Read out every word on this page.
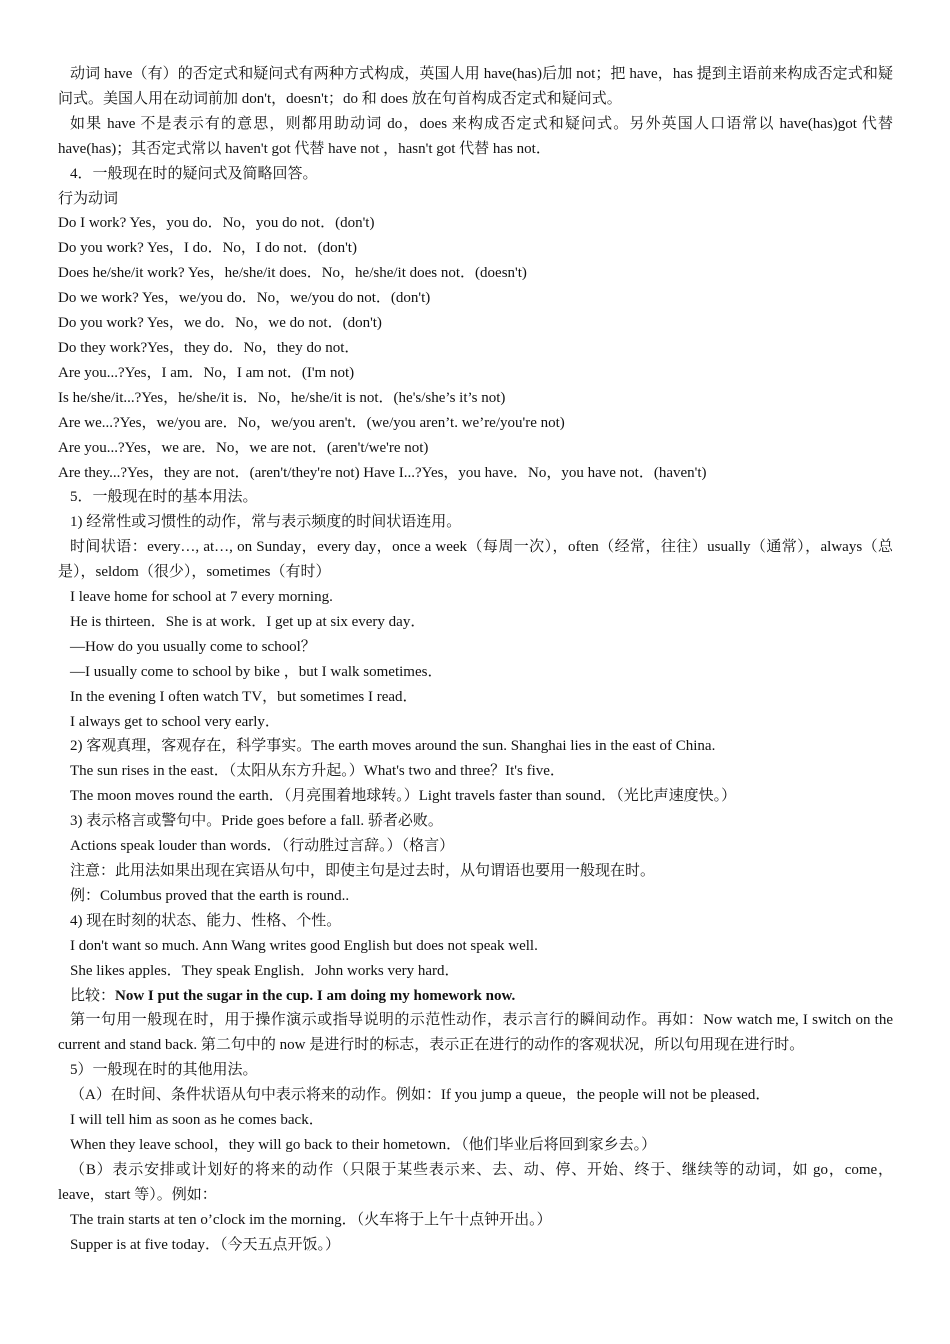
动词 have（有）的否定式和疑问式有两种方式构成，英国人用 have(has)后加 not；把 have，has 提到主语前来构成否定式和疑问式。美国人用在动词前加 don't，doesn't；do 和 does 放在句首构成否定式和疑问式。

如果 have 不是表示有的意思，则都用助动词 do，does 来构成否定式和疑问式。另外英国人口语常以 have(has)got 代替 have(has)；其否定式常以 haven't got 代替 have not ，hasn't got 代替 has not．

4．一般现在时的疑问式及简略回答。

行为动词

Do I work? Yes，you do．No，you do not．(don't)

Do you work? Yes，I do．No，I do not．(don't)

Does he/she/it work? Yes，he/she/it does．No，he/she/it does not．(doesn't)

Do we work? Yes，we/you do．No，we/you do not．(don't)

Do you work? Yes，we do．No，we do not．(don't)

Do they work?Yes，they do．No，they do not．

Are you...?Yes，I am．No，I am not．(I'm not)

Is he/she/it...?Yes，he/she/it is．No，he/she/it is not．(he's/she’s it’s not)

Are we...?Yes，we/you are．No，we/you aren't．(we/you aren’t. we’re/you're not)

Are you...?Yes，we are．No，we are not．(aren't/we're not)

Are they...?Yes，they are not．(aren't/they're not) Have I...?Yes，you have．No，you have not．(haven't)

5．一般现在时的基本用法。

1) 经常性或习惯性的动作，常与表示频度的时间状语连用。

时间状语：every…, at…, on Sunday，every day，once a week（每周一次），often（经常，往往）usually（通常），always（总是），seldom（很少），sometimes（有时）

I leave home for school at 7 every morning.

He is thirteen．She is at work．I get up at six every day．

—How do you usually come to school？

—I usually come to school by bike ，but I walk sometimes．

In the evening I often watch TV，but sometimes I read．

I always get to school very early．

2) 客观真理，客观存在，科学事实。The earth moves around the sun. Shanghai lies in the east of China.

The sun rises in the east．（太阳从东方升起。）What's two and three？It's five．

The moon moves round the earth．（月亮围着地球转。）Light travels faster than sound．（光比声速度快。）

3) 表示格言或警句中。Pride goes before a fall. 骄者必败。

Actions speak louder than words．（行动胜过言辞。）（格言）

注意：此用法如果出现在宾语从句中，即使主句是过去时，从句谓语也要用一般现在时。

例：Columbus proved that the earth is round..

4) 现在时刻的状态、能力、性格、个性。

I don't want so much. Ann Wang writes good English but does not speak well.

She likes apples．They speak English．John works very hard．

比较：Now I put the sugar in the cup. I am doing my homework now.

第一句用一般现在时，用于操作演示或指导说明的示范性动作，表示言行的瞬间动作。再如：Now watch me, I switch on the current and stand back. 第二句中的 now 是进行时的标志，表示正在进行的动作的客观状况，所以句用现在进行时。

5）一般现在时的其他用法。

（A）在时间、条件状语从句中表示将来的动作。例如：If you jump a queue，the people will not be pleased．

I will tell him as soon as he comes back．

When they leave school，they will go back to their hometown．（他们毕业后将回到家乡去。）

（B）表示安排或计划好的将来的动作（只限于某些表示来、去、动、停、开始、终于、继续等的动词，如 go，come，leave，start 等）。例如：

The train starts at ten o’clock im the morning．（火车将于上午十点钟开出。）

Supper is at five today．（今天五点开饭。）
